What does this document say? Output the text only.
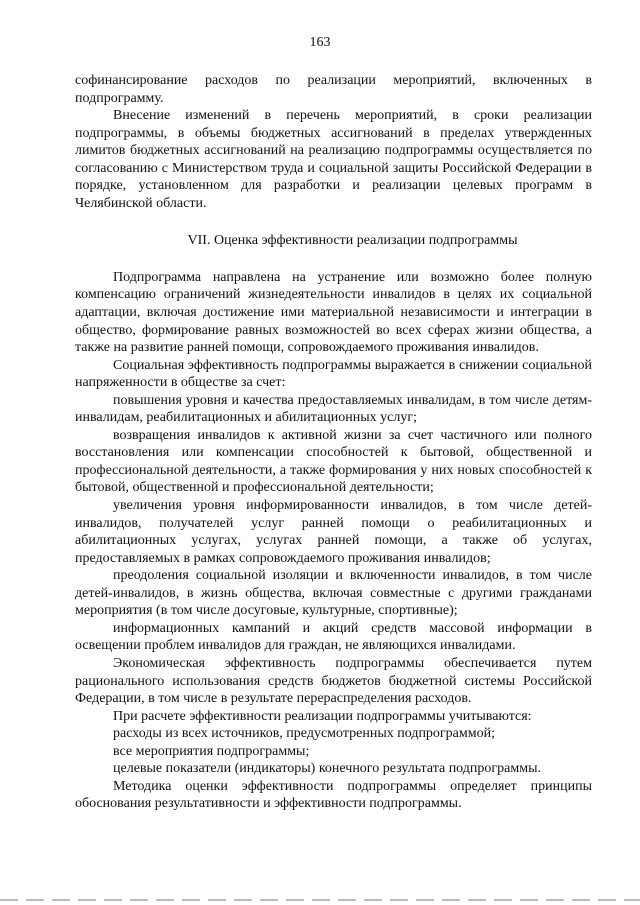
163

софинансирование расходов по реализации мероприятий, включенных в подпрограмму.

Внесение изменений в перечень мероприятий, в сроки реализации подпрограммы, в объемы бюджетных ассигнований в пределах утвержденных лимитов бюджетных ассигнований на реализацию подпрограммы осуществляется по согласованию с Министерством труда и социальной защиты Российской Федерации в порядке, установленном для разработки и реализации целевых программ в Челябинской области.

VII. Оценка эффективности реализации подпрограммы

Подпрограмма направлена на устранение или возможно более полную компенсацию ограничений жизнедеятельности инвалидов в целях их социальной адаптации, включая достижение ими материальной независимости и интеграции в общество, формирование равных возможностей во всех сферах жизни общества, а также на развитие ранней помощи, сопровождаемого проживания инвалидов.

Социальная эффективность подпрограммы выражается в снижении социальной напряженности в обществе за счет:

повышения уровня и качества предоставляемых инвалидам, в том числе детям-инвалидам, реабилитационных и абилитационных услуг;

возвращения инвалидов к активной жизни за счет частичного или полного восстановления или компенсации способностей к бытовой, общественной и профессиональной деятельности, а также формирования у них новых способностей к бытовой, общественной и профессиональной деятельности;

увеличения уровня информированности инвалидов, в том числе детей-инвалидов, получателей услуг ранней помощи о реабилитационных и абилитационных услугах, услугах ранней помощи, а также об услугах, предоставляемых в рамках сопровождаемого проживания инвалидов;

преодоления социальной изоляции и включенности инвалидов, в том числе детей-инвалидов, в жизнь общества, включая совместные с другими гражданами мероприятия (в том числе досуговые, культурные, спортивные);

информационных кампаний и акций средств массовой информации в освещении проблем инвалидов для граждан, не являющихся инвалидами.

Экономическая эффективность подпрограммы обеспечивается путем рационального использования средств бюджетов бюджетной системы Российской Федерации, в том числе в результате перераспределения расходов.

При расчете эффективности реализации подпрограммы учитываются:

расходы из всех источников, предусмотренных подпрограммой;

все мероприятия подпрограммы;

целевые показатели (индикаторы) конечного результата подпрограммы.

Методика оценки эффективности подпрограммы определяет принципы обоснования результативности и эффективности подпрограммы.
